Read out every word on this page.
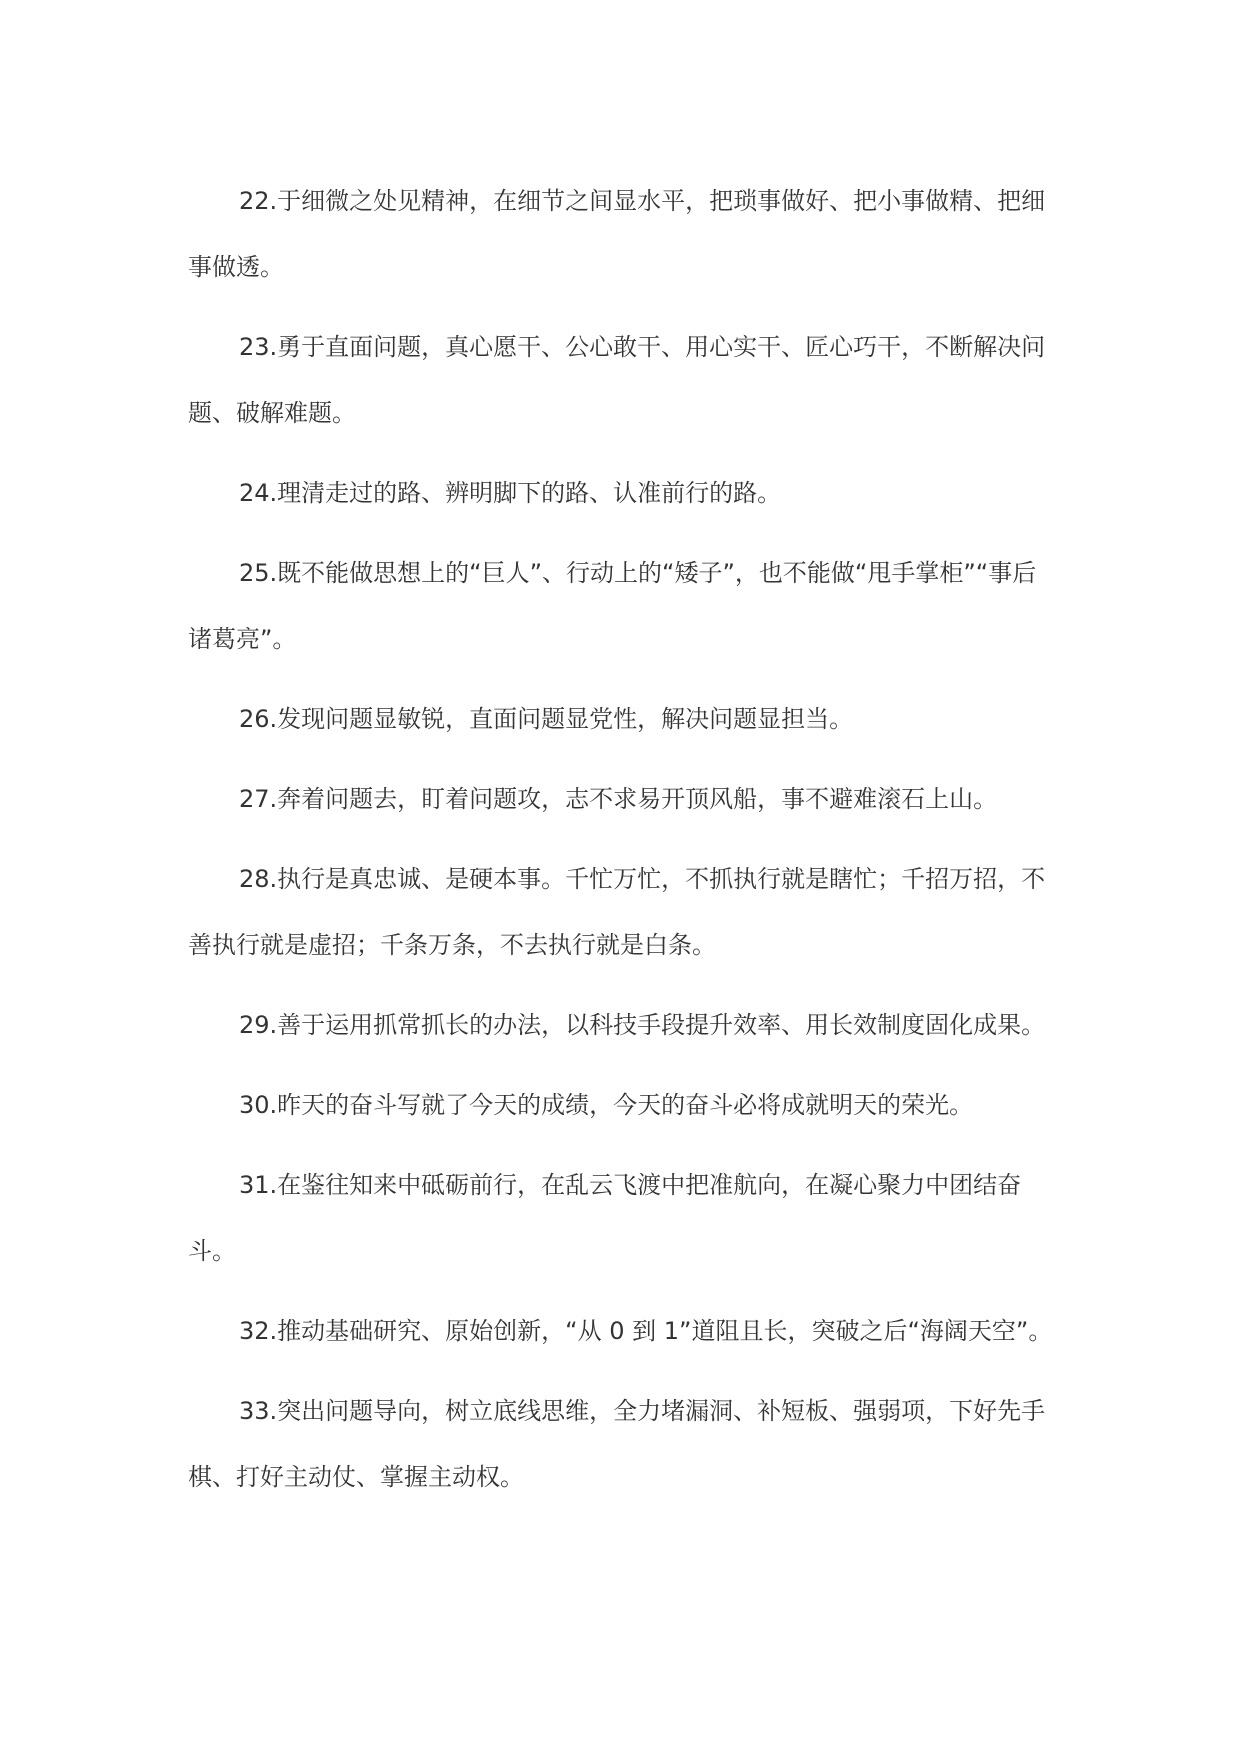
22.于细微之处见精神，在细节之间显水平，把琐事做好、把小事做精、把细事做透。

23.勇于直面问题，真心愿干、公心敢干、用心实干、匠心巧干，不断解决问题、破解难题。

24.理清走过的路、辨明脚下的路、认准前行的路。

25.既不能做思想上的“巨人”、行动上的“矮子”，也不能做“甩手掌柜”“事后诸葛亮”。

26.发现问题显敏锐，直面问题显党性，解决问题显担当。

27.奔着问题去，盯着问题攻，志不求易开顶风船，事不避难滚石上山。

28.执行是真忠诚、是硬本事。千忙万忙，不抓执行就是瞎忙；千招万招，不善执行就是虚招；千条万条，不去执行就是白条。

29.善于运用抓常抓长的办法，以科技手段提升效率、用长效制度固化成果。

30.昨天的奋斗写就了今天的成绩，今天的奋斗必将成就明天的荣光。

31.在鉴往知来中砥砺前行，在乱云飞渡中把准航向，在凝心聚力中团结奋斗。

32.推动基础研究、原始创新，“从 0 到 1”道阻且长，突破之后“海阔天空”。

33.突出问题导向，树立底线思维，全力堵漏洞、补短板、强弱项，下好先手棋、打好主动仗、掌握主动权。
